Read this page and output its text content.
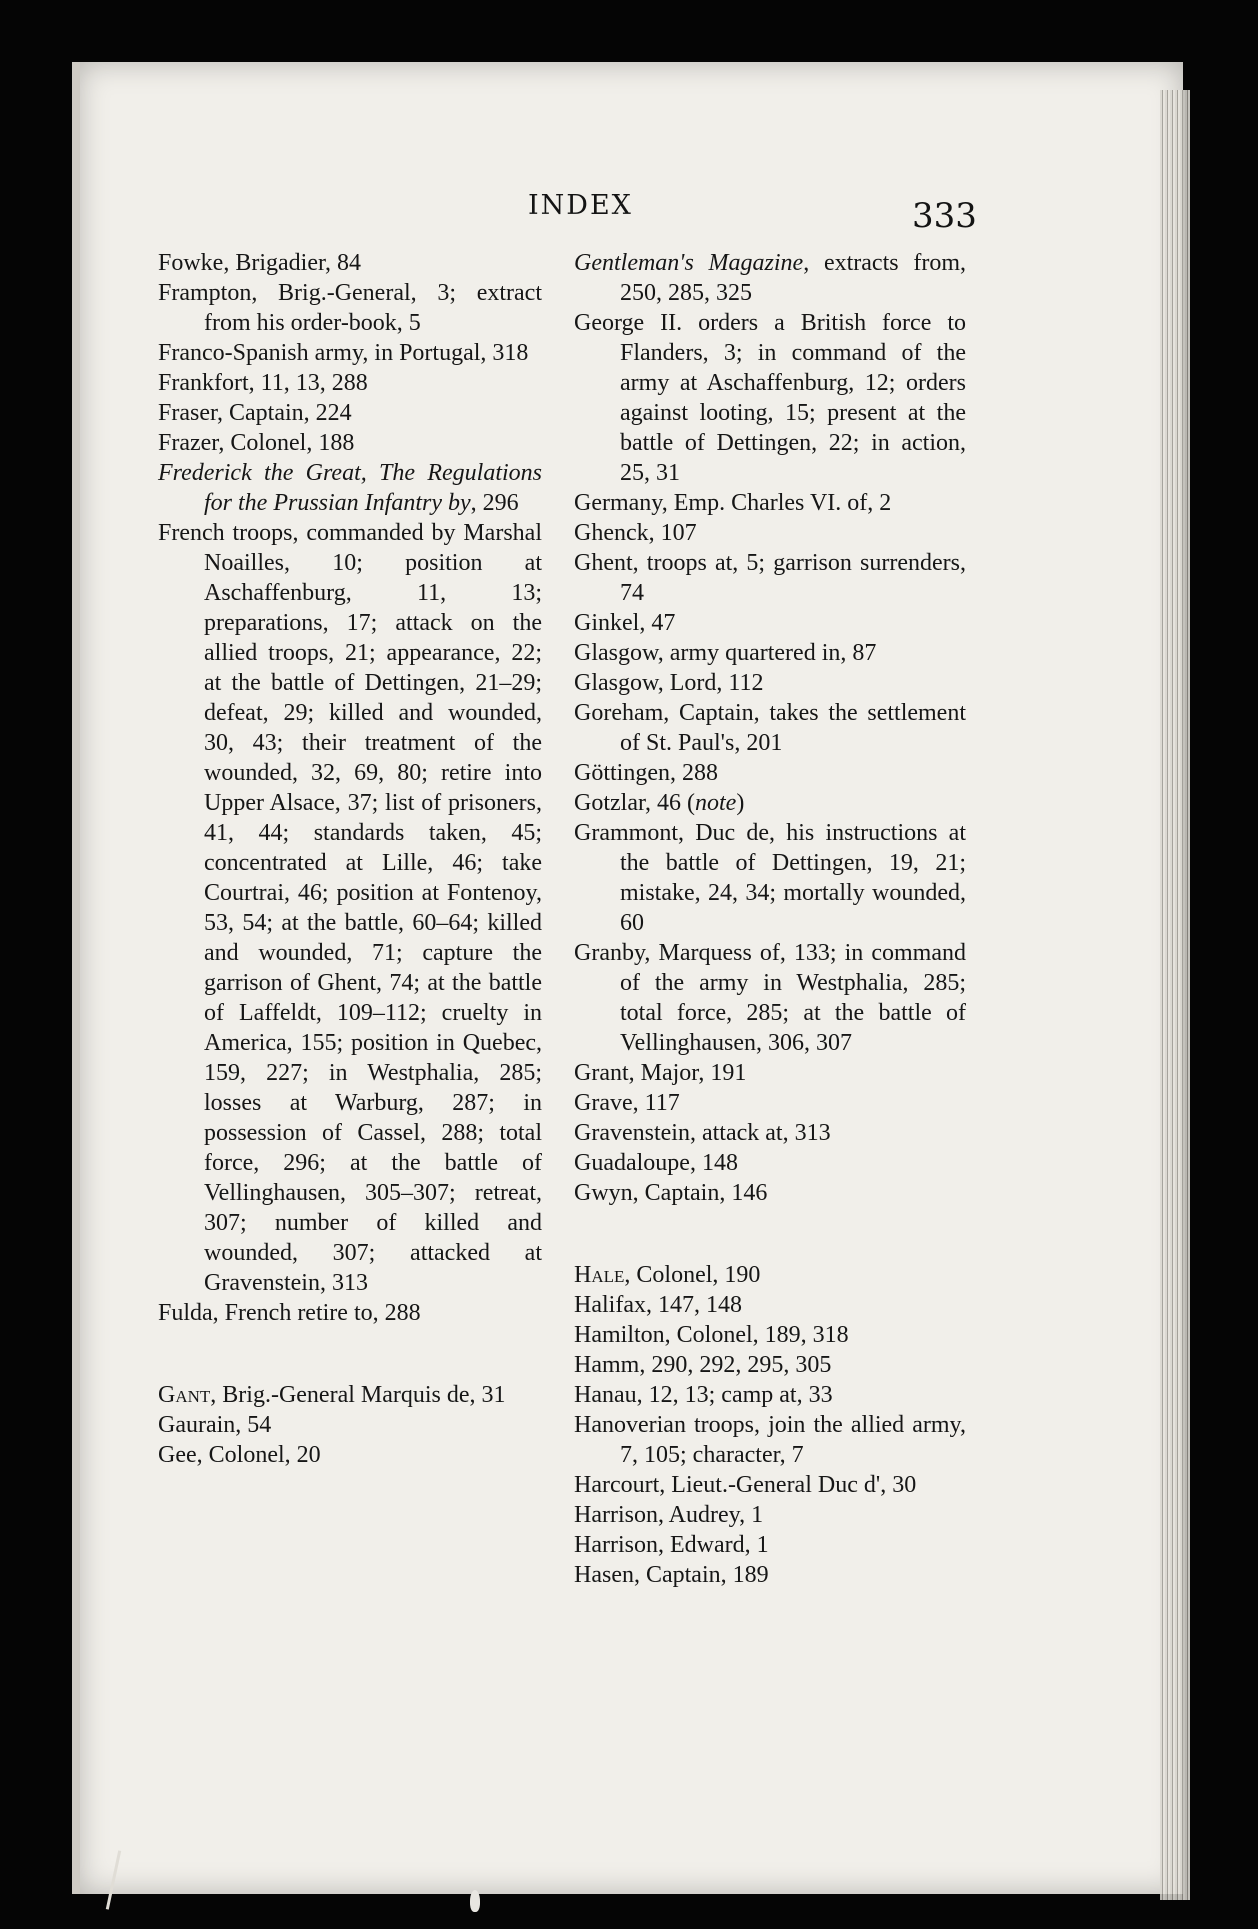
INDEX	333

Fowke, Brigadier, 84

Frampton, Brig.-General, 3; extract from his order-book, 5

Franco-Spanish army, in Portugal, 318

Frankfort, 11, 13, 288

Fraser, Captain, 224

Frazer, Colonel, 188

Frederick the Great, The Regulations for the Prussian Infantry by, 296

French troops, commanded by Marshal Noailles, 10; position at Aschaffenburg, 11, 13; preparations, 17; attack on the allied troops, 21; appearance, 22; at the battle of Dettingen, 21–29; defeat, 29; killed and wounded, 30, 43; their treatment of the wounded, 32, 69, 80; retire into Upper Alsace, 37; list of prisoners, 41, 44; standards taken, 45; concentrated at Lille, 46; take Courtrai, 46; position at Fontenoy, 53, 54; at the battle, 60–64; killed and wounded, 71; capture the garrison of Ghent, 74; at the battle of Laffeldt, 109–112; cruelty in America, 155; position in Quebec, 159, 227; in Westphalia, 285; losses at Warburg, 287; in possession of Cassel, 288; total force, 296; at the battle of Vellinghausen, 305–307; retreat, 307; number of killed and wounded, 307; attacked at Gravenstein, 313

Fulda, French retire to, 288

Gant, Brig.-General Marquis de, 31

Gaurain, 54

Gee, Colonel, 20

Gentleman's Magazine, extracts from, 250, 285, 325

George II. orders a British force to Flanders, 3; in command of the army at Aschaffenburg, 12; orders against looting, 15; present at the battle of Dettingen, 22; in action, 25, 31

Germany, Emp. Charles VI. of, 2

Ghenck, 107

Ghent, troops at, 5; garrison surrenders, 74

Ginkel, 47

Glasgow, army quartered in, 87

Glasgow, Lord, 112

Goreham, Captain, takes the settlement of St. Paul's, 201

Göttingen, 288

Gotzlar, 46 (note)

Grammont, Duc de, his instructions at the battle of Dettingen, 19, 21; mistake, 24, 34; mortally wounded, 60

Granby, Marquess of, 133; in command of the army in Westphalia, 285; total force, 285; at the battle of Vellinghausen, 306, 307

Grant, Major, 191

Grave, 117

Gravenstein, attack at, 313

Guadaloupe, 148

Gwyn, Captain, 146

Hale, Colonel, 190

Halifax, 147, 148

Hamilton, Colonel, 189, 318

Hamm, 290, 292, 295, 305

Hanau, 12, 13; camp at, 33

Hanoverian troops, join the allied army, 7, 105; character, 7

Harcourt, Lieut.-General Duc d', 30

Harrison, Audrey, 1

Harrison, Edward, 1

Hasen, Captain, 189
